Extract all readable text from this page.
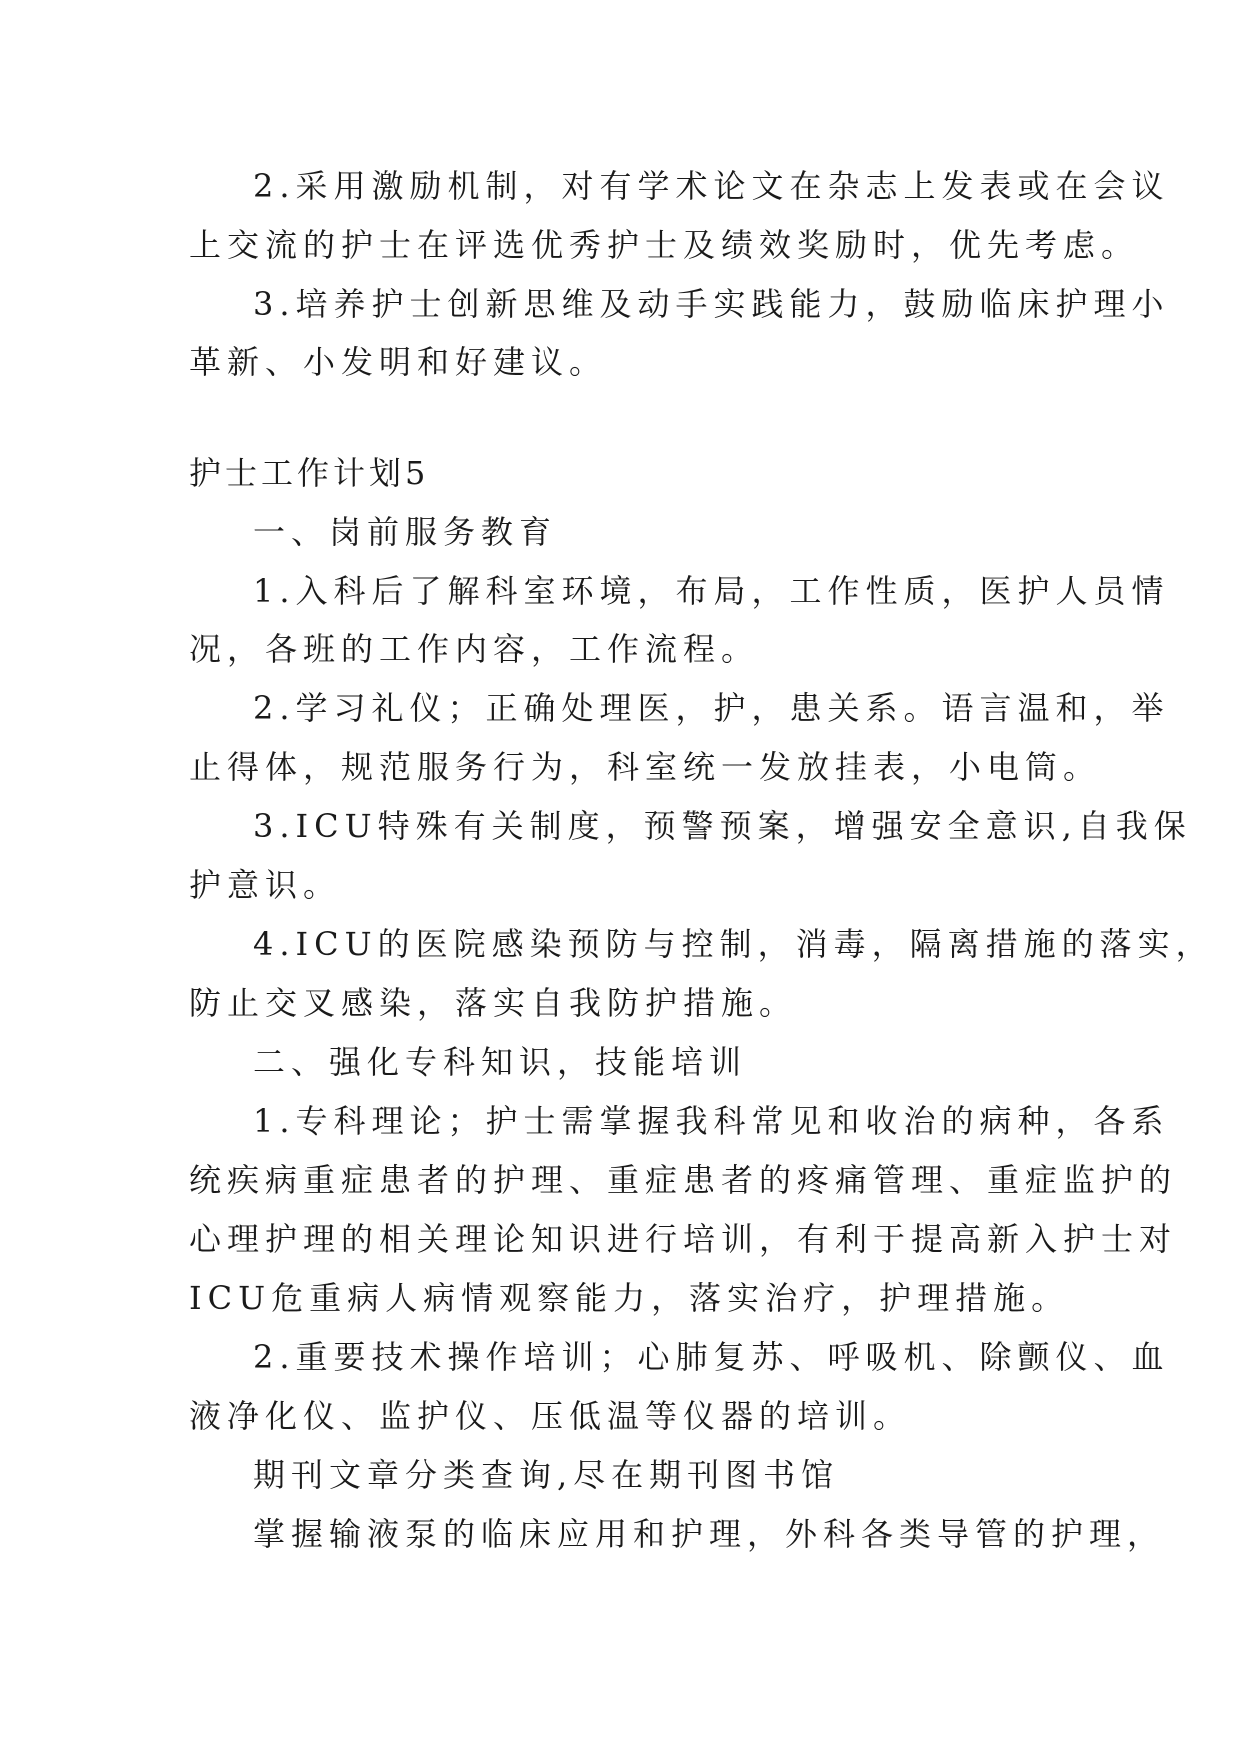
2.采用激励机制，对有学术论文在杂志上发表或在会议
上交流的护士在评选优秀护士及绩效奖励时，优先考虑。
3.培养护士创新思维及动手实践能力，鼓励临床护理小
革新、小发明和好建议。
护士工作计划5
一、岗前服务教育
1.入科后了解科室环境，布局，工作性质，医护人员情
况，各班的工作内容，工作流程。
2.学习礼仪；正确处理医，护，患关系。语言温和，举
止得体，规范服务行为，科室统一发放挂表，小电筒。
3.ICU特殊有关制度，预警预案，增强安全意识,自我保
护意识。
4.ICU的医院感染预防与控制，消毒，隔离措施的落实，
防止交叉感染，落实自我防护措施。
二、强化专科知识，技能培训
1.专科理论；护士需掌握我科常见和收治的病种，各系
统疾病重症患者的护理、重症患者的疼痛管理、重症监护的
心理护理的相关理论知识进行培训，有利于提高新入护士对
ICU危重病人病情观察能力，落实治疗，护理措施。
2.重要技术操作培训；心肺复苏、呼吸机、除颤仪、血
液净化仪、监护仪、压低温等仪器的培训。
期刊文章分类查询,尽在期刊图书馆
掌握输液泵的临床应用和护理，外科各类导管的护理，
